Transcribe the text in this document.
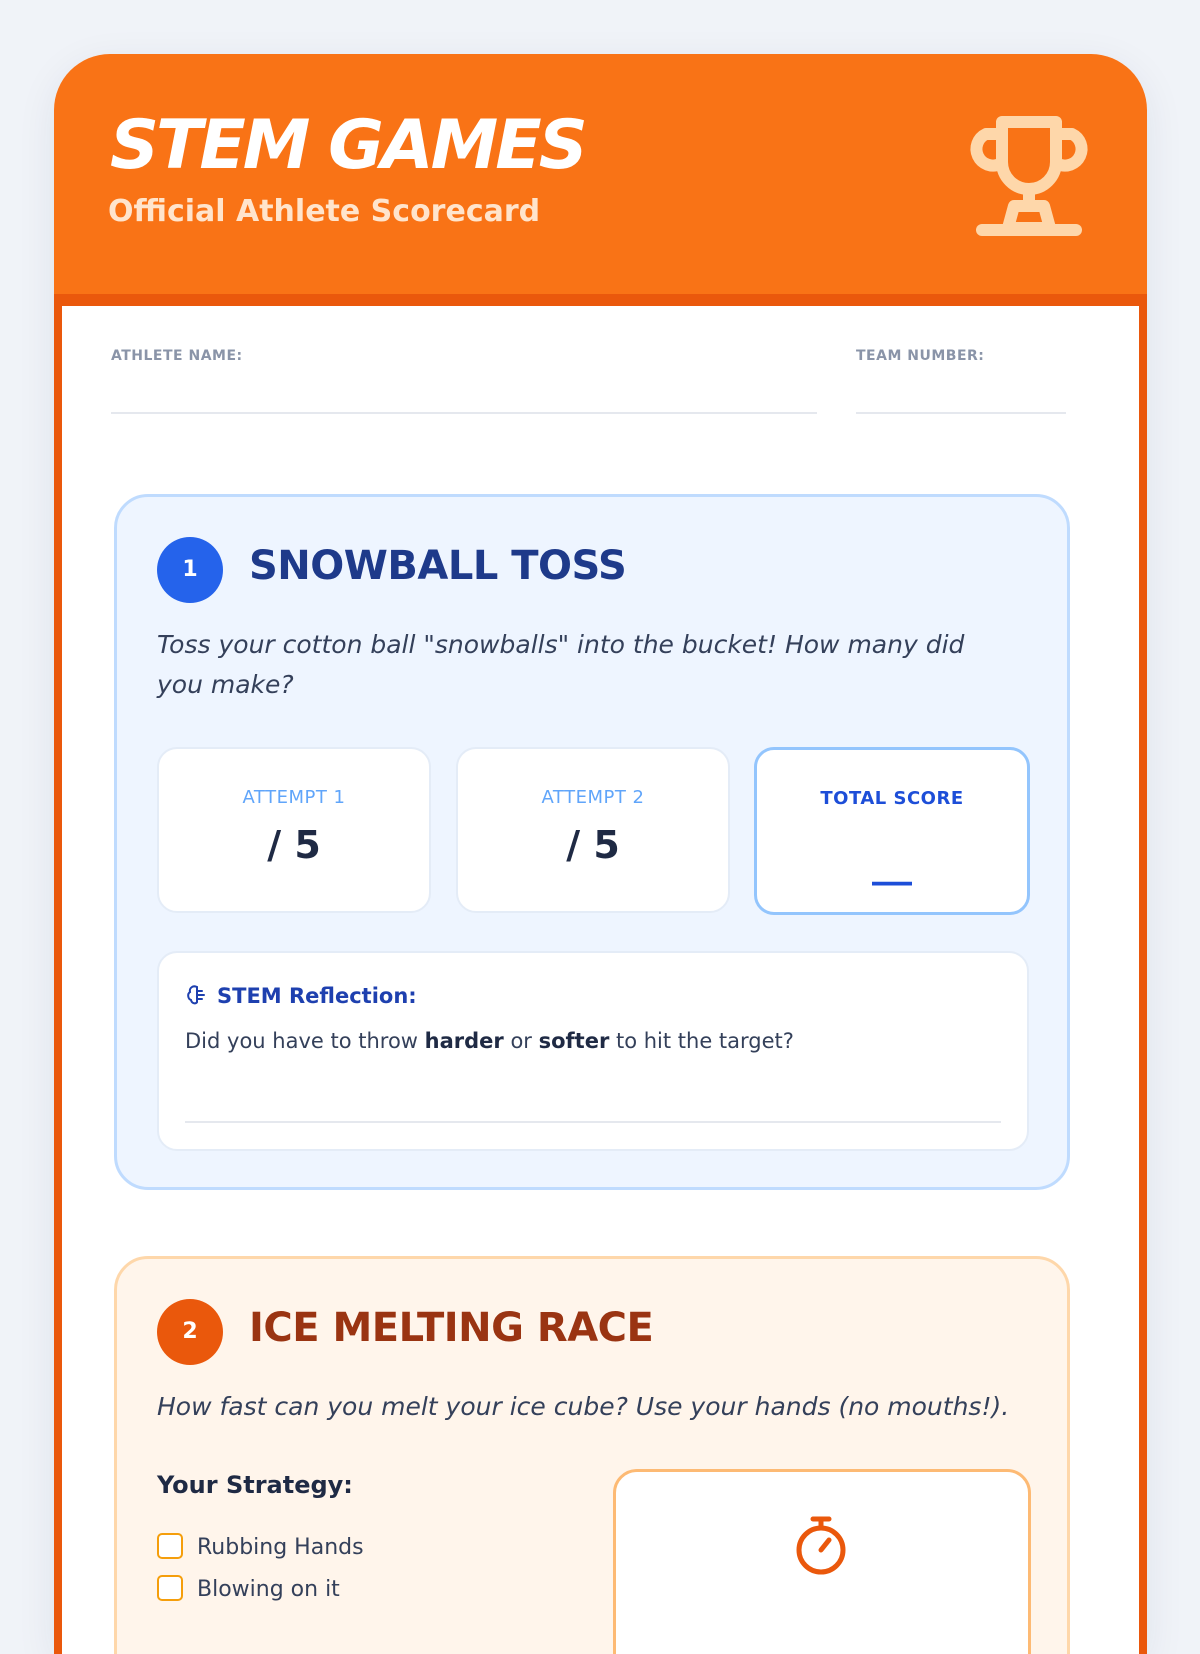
STEM GAMES
Official Athlete Scorecard
ATHLETE NAME:	TEAM NUMBER:
1	SNOWBALL TOSS
Toss your cotton ball "snowballs" into the bucket! How many did you make?
ATTEMPT 1
/ 5
ATTEMPT 2
/ 5
TOTAL SCORE
__
STEM Reflection:
Did you have to throw harder or softer to hit the target?
2	ICE MELTING RACE
How fast can you melt your ice cube? Use your hands (no mouths!).
Your Strategy:
Rubbing Hands
Blowing on it
